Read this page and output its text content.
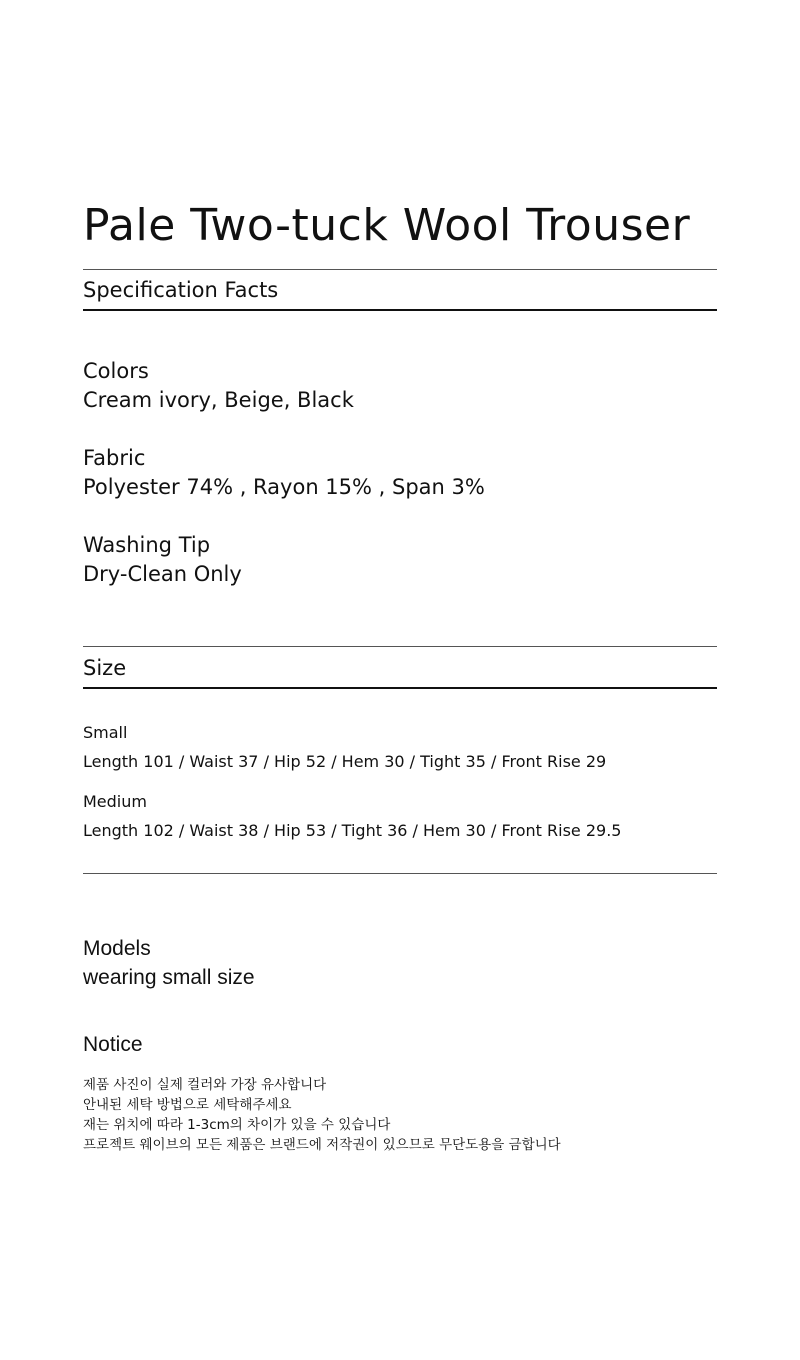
Pale Two-tuck Wool Trouser
Specification Facts
Colors
Cream ivory, Beige, Black
Fabric
Polyester 74% , Rayon 15% , Span 3%
Washing Tip
Dry-Clean Only
Size
Small
Length 101 / Waist 37 / Hip 52 / Hem 30 / Tight 35 / Front Rise 29
Medium
Length 102 / Waist 38 / Hip 53 / Tight 36 / Hem 30 / Front Rise 29.5
Models
wearing small size
Notice
제품 사진이 실제 컬러와 가장 유사합니다
안내된 세탁 방법으로 세탁해주세요
재는 위치에 따라 1-3cm의 차이가 있을 수 있습니다
프로젝트 웨이브의 모든 제품은 브랜드에 저작권이 있으므로 무단도용을 금합니다
